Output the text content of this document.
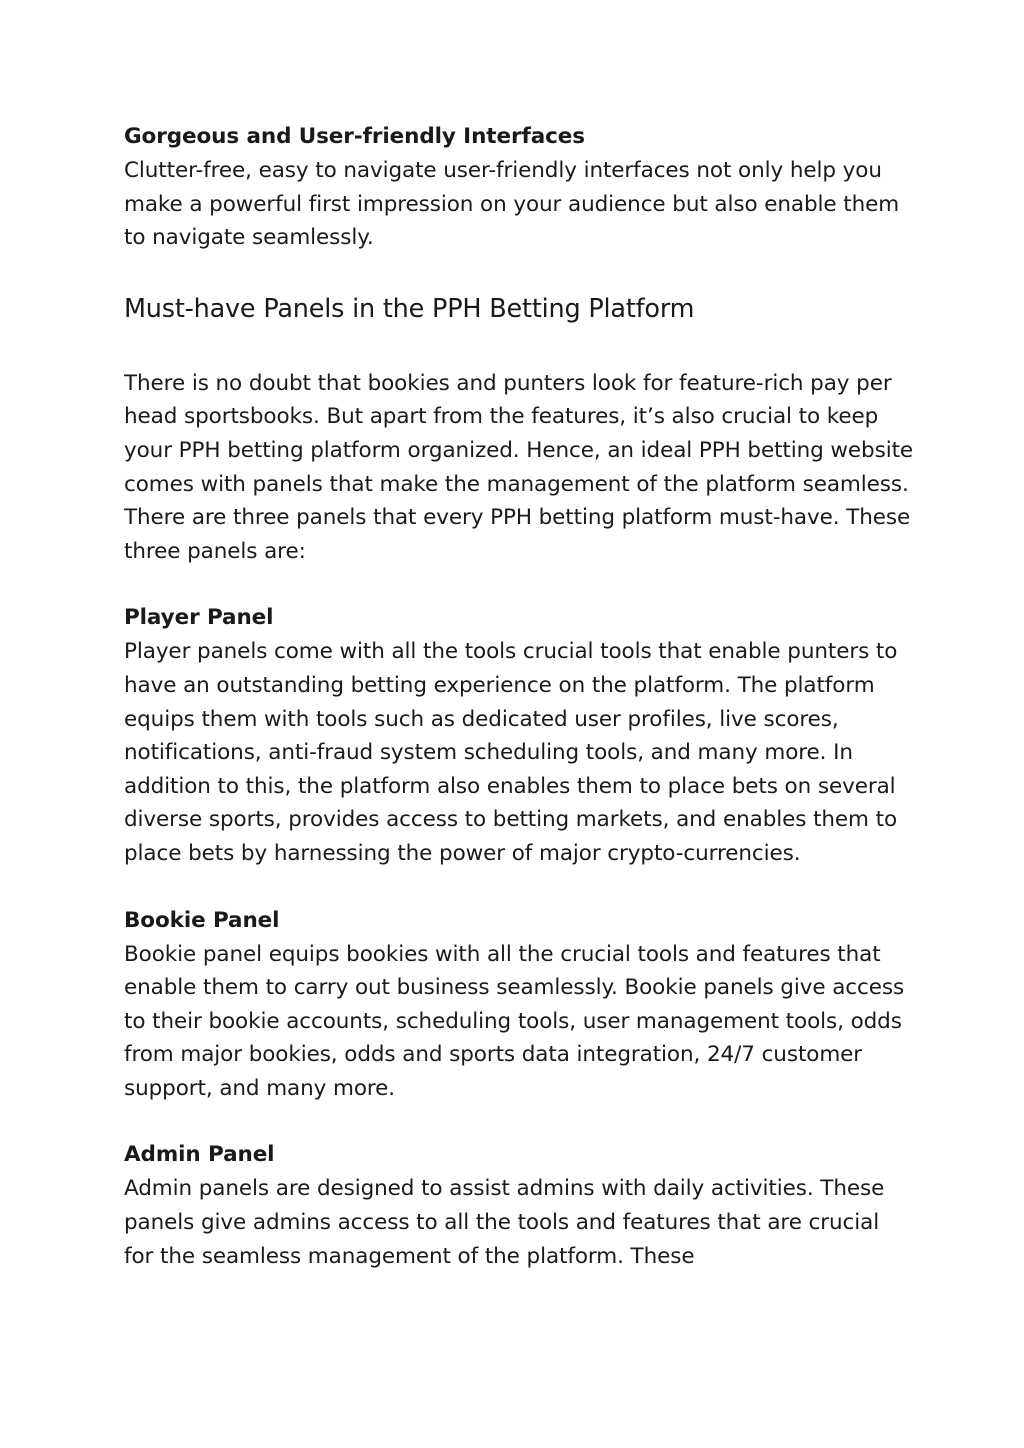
Gorgeous and User-friendly Interfaces

Clutter-free, easy to navigate user-friendly interfaces not only help you make a powerful first impression on your audience but also enable them to navigate seamlessly.

Must-have Panels in the PPH Betting Platform

There is no doubt that bookies and punters look for feature-rich pay per head sportsbooks. But apart from the features, it’s also crucial to keep your PPH betting platform organized. Hence, an ideal PPH betting website comes with panels that make the management of the platform seamless. There are three panels that every PPH betting platform must-have. These three panels are:

Player Panel

Player panels come with all the tools crucial tools that enable punters to have an outstanding betting experience on the platform. The platform equips them with tools such as dedicated user profiles, live scores, notifications, anti-fraud system scheduling tools, and many more. In addition to this, the platform also enables them to place bets on several diverse sports, provides access to betting markets, and enables them to place bets by harnessing the power of major crypto-currencies.

Bookie Panel

Bookie panel equips bookies with all the crucial tools and features that enable them to carry out business seamlessly. Bookie panels give access to their bookie accounts, scheduling tools, user management tools, odds from major bookies, odds and sports data integration, 24/7 customer support, and many more.

Admin Panel

Admin panels are designed to assist admins with daily activities. These panels give admins access to all the tools and features that are crucial for the seamless management of the platform. These
